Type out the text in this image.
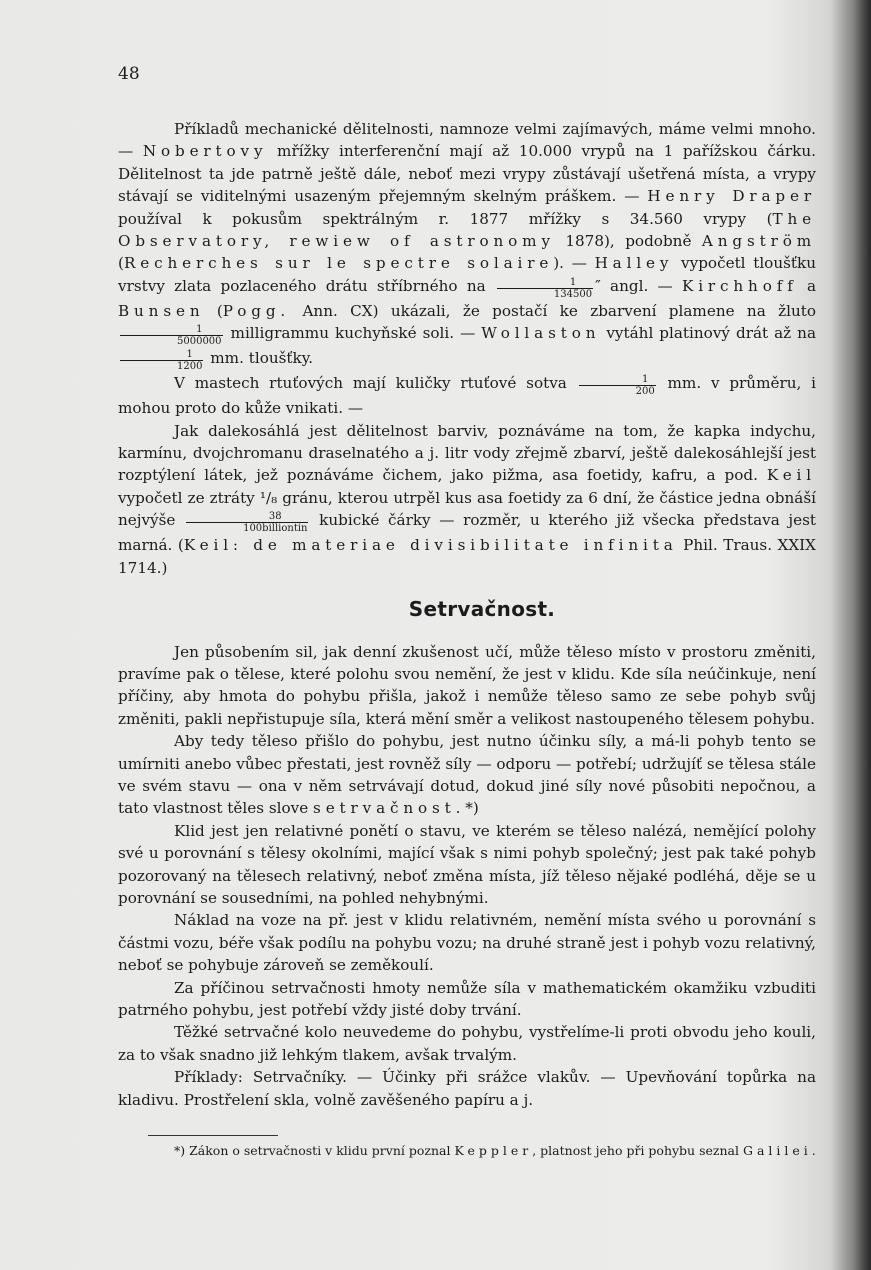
48

Příkladů mechanické dělitelnosti, namnoze velmi zajímavých, máme velmi mnoho. — Nobertovy mřížky interferenční mají až 10.000 vrypů na 1 pařížskou čárku. Dělitelnost ta jde patrně ještě dále, neboť mezi vrypy zůstávají ušetřená místa, a vrypy stávají se viditelnými usazeným přejemným skelným práškem. — Henry Draper používal k pokusům spektrálným r. 1877 mřížky s 34.560 vrypy (The Observatory, rewiew of astronomy 1878), podobně Angström (Recherches sur le spectre solaire). — Halley vypočetl tloušťku vrstvy zlata pozlaceného drátu stříbrného na $\frac{1}{134500}$ ″ angl. — Kirchhoff a Bunsen (Pogg. Ann. CX) ukázali, že postačí ke zbarvení plamene na žluto
$\frac{1}{5000000}$ milligrammu kuchyňské soli. — Wollaston vytáhl platinový drát až na
$\frac{1}{1200}$ mm. tloušťky.

V mastech rtuťových mají kuličky rtuťové sotva $\frac{1}{200}$ mm. v průměru, i mohou proto do kůže vnikati. —

Jak dalekosáhlá jest dělitelnost barviv, poznáváme na tom, že kapka indychu, karmínu, dvojchromanu draselnatého a j. litr vody zřejmě zbarví, ještě dalekosáhlejší jest rozptýlení látek, jež poznáváme čichem, jako pižma, asa foetidy, kafru, a pod. Keil vypočetl ze ztráty ¹/₈ gránu, kterou utrpěl kus asa foetidy za 6 dní, že částice jedna obnáší nejvýše $\frac{38}{\text{100billiontin}}$ kubické čárky — rozměr, u kterého již všecka představa jest marná. (Keil: de materiae divisibilitate infinita Phil. Traus. XXIX 1714.)

Setrvačnost.

Jen působením sil, jak denní zkušenost učí, může těleso místo v prostoru změniti, pravíme pak o tělese, které polohu svou nemění, že jest v klidu. Kde síla neúčinkuje, není příčiny, aby hmota do pohybu přišla, jakož i nemůže těleso samo ze sebe pohyb svůj změniti, pakli nepřistupuje síla, která mění směr a velikost nastoupeného tělesem pohybu.

Aby tedy těleso přišlo do pohybu, jest nutno účinku síly, a má-li pohyb tento se umírniti anebo vůbec přestati, jest rovněž síly — odporu — potřebí; udržujíť se tělesa stále ve svém stavu — ona v něm setrvávají dotud, dokud jiné síly nové působiti nepočnou, a tato vlastnost těles slove setrvačnost. *)

Klid jest jen relativné ponětí o stavu, ve kterém se těleso nalézá, nemějící polohy své u porovnání s tělesy okolními, mající však s nimi pohyb společný; jest pak také pohyb pozorovaný na tělesech relativný, neboť změna místa, jíž těleso nějaké podléhá, děje se u porovnání se sousedními, na pohled nehybnými.

Náklad na voze na př. jest v klidu relativném, nemění místa svého u porovnání s částmi vozu, béře však podílu na pohybu vozu; na druhé straně jest i pohyb vozu relativný, neboť se pohybuje zároveň se zeměkoulí.

Za příčinou setrvačnosti hmoty nemůže síla v mathematickém okamžiku vzbuditi patrného pohybu, jest potřebí vždy jisté doby trvání.

Těžké setrvačné kolo neuvedeme do pohybu, vystřelíme-li proti obvodu jeho kouli, za to však snadno již lehkým tlakem, avšak trvalým.

Příklady: Setrvačníky. — Účinky při srážce vlakův. — Upevňování topůrka na kladivu. Prostřelení skla, volně zavěšeného papíru a j.

*) Zákon o setrvačnosti v klidu první poznal Keppler, platnost jeho při pohybu seznal Galilei.
